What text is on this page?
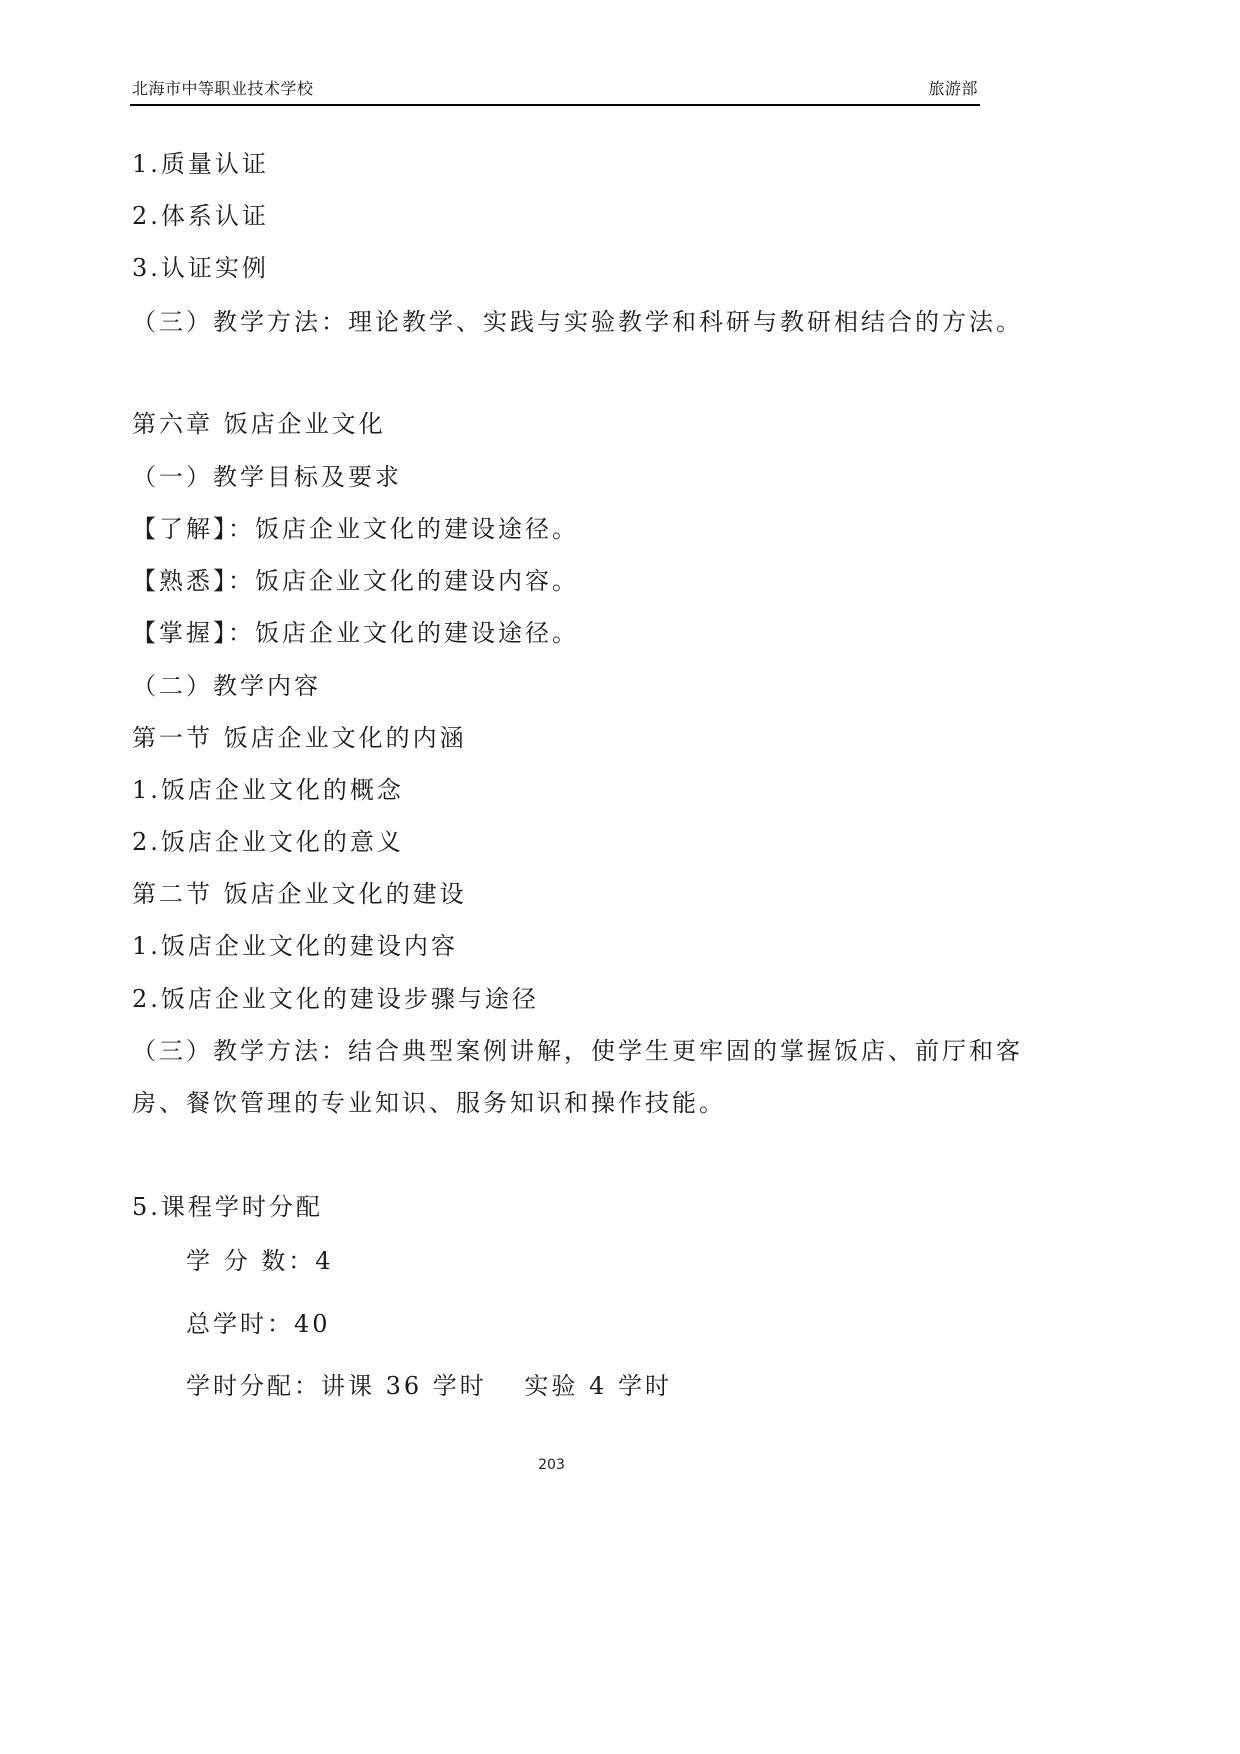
北海市中等职业技术学校	旅游部

1.质量认证

2.体系认证

3.认证实例

（三）教学方法：理论教学、实践与实验教学和科研与教研相结合的方法。

第六章 饭店企业文化

（一）教学目标及要求

【了解】：饭店企业文化的建设途径。

【熟悉】：饭店企业文化的建设内容。

【掌握】：饭店企业文化的建设途径。

（二）教学内容

第一节 饭店企业文化的内涵

1.饭店企业文化的概念

2.饭店企业文化的意义

第二节 饭店企业文化的建设

1.饭店企业文化的建设内容

2.饭店企业文化的建设步骤与途径

（三）教学方法：结合典型案例讲解，使学生更牢固的掌握饭店、前厅和客

房、餐饮管理的专业知识、服务知识和操作技能。

5.课程学时分配

学 分 数：4

总学时：40

学时分配：讲课 36 学时　 实验 4 学时

203
